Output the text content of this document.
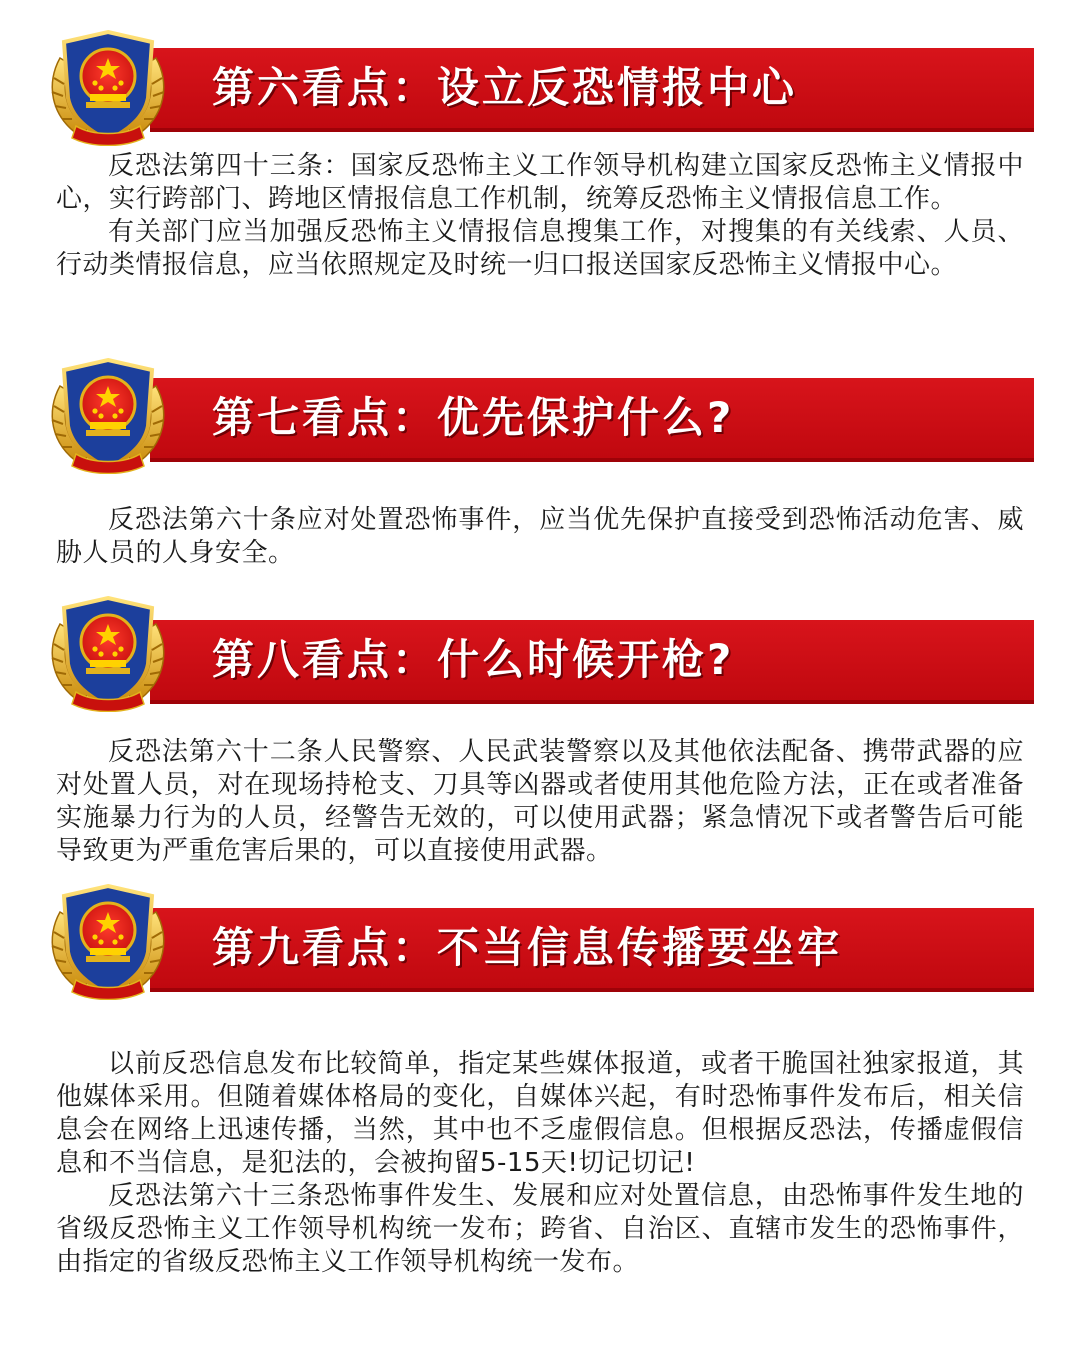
第六看点：设立反恐情报中心

反恐法第四十三条：国家反恐怖主义工作领导机构建立国家反恐怖主义情报中心，实行跨部门、跨地区情报信息工作机制，统筹反恐怖主义情报信息工作。

有关部门应当加强反恐怖主义情报信息搜集工作，对搜集的有关线索、人员、行动类情报信息，应当依照规定及时统一归口报送国家反恐怖主义情报中心。

第七看点：优先保护什么?

反恐法第六十条应对处置恐怖事件，应当优先保护直接受到恐怖活动危害、威胁人员的人身安全。

第八看点：什么时候开枪?

反恐法第六十二条人民警察、人民武装警察以及其他依法配备、携带武器的应对处置人员，对在现场持枪支、刀具等凶器或者使用其他危险方法，正在或者准备实施暴力行为的人员，经警告无效的，可以使用武器；紧急情况下或者警告后可能导致更为严重危害后果的，可以直接使用武器。

第九看点：不当信息传播要坐牢

以前反恐信息发布比较简单，指定某些媒体报道，或者干脆国社独家报道，其他媒体采用。但随着媒体格局的变化，自媒体兴起，有时恐怖事件发布后，相关信息会在网络上迅速传播，当然，其中也不乏虚假信息。但根据反恐法，传播虚假信息和不当信息，是犯法的，会被拘留5-15天!切记切记!

反恐法第六十三条恐怖事件发生、发展和应对处置信息，由恐怖事件发生地的省级反恐怖主义工作领导机构统一发布；跨省、自治区、直辖市发生的恐怖事件，由指定的省级反恐怖主义工作领导机构统一发布。
